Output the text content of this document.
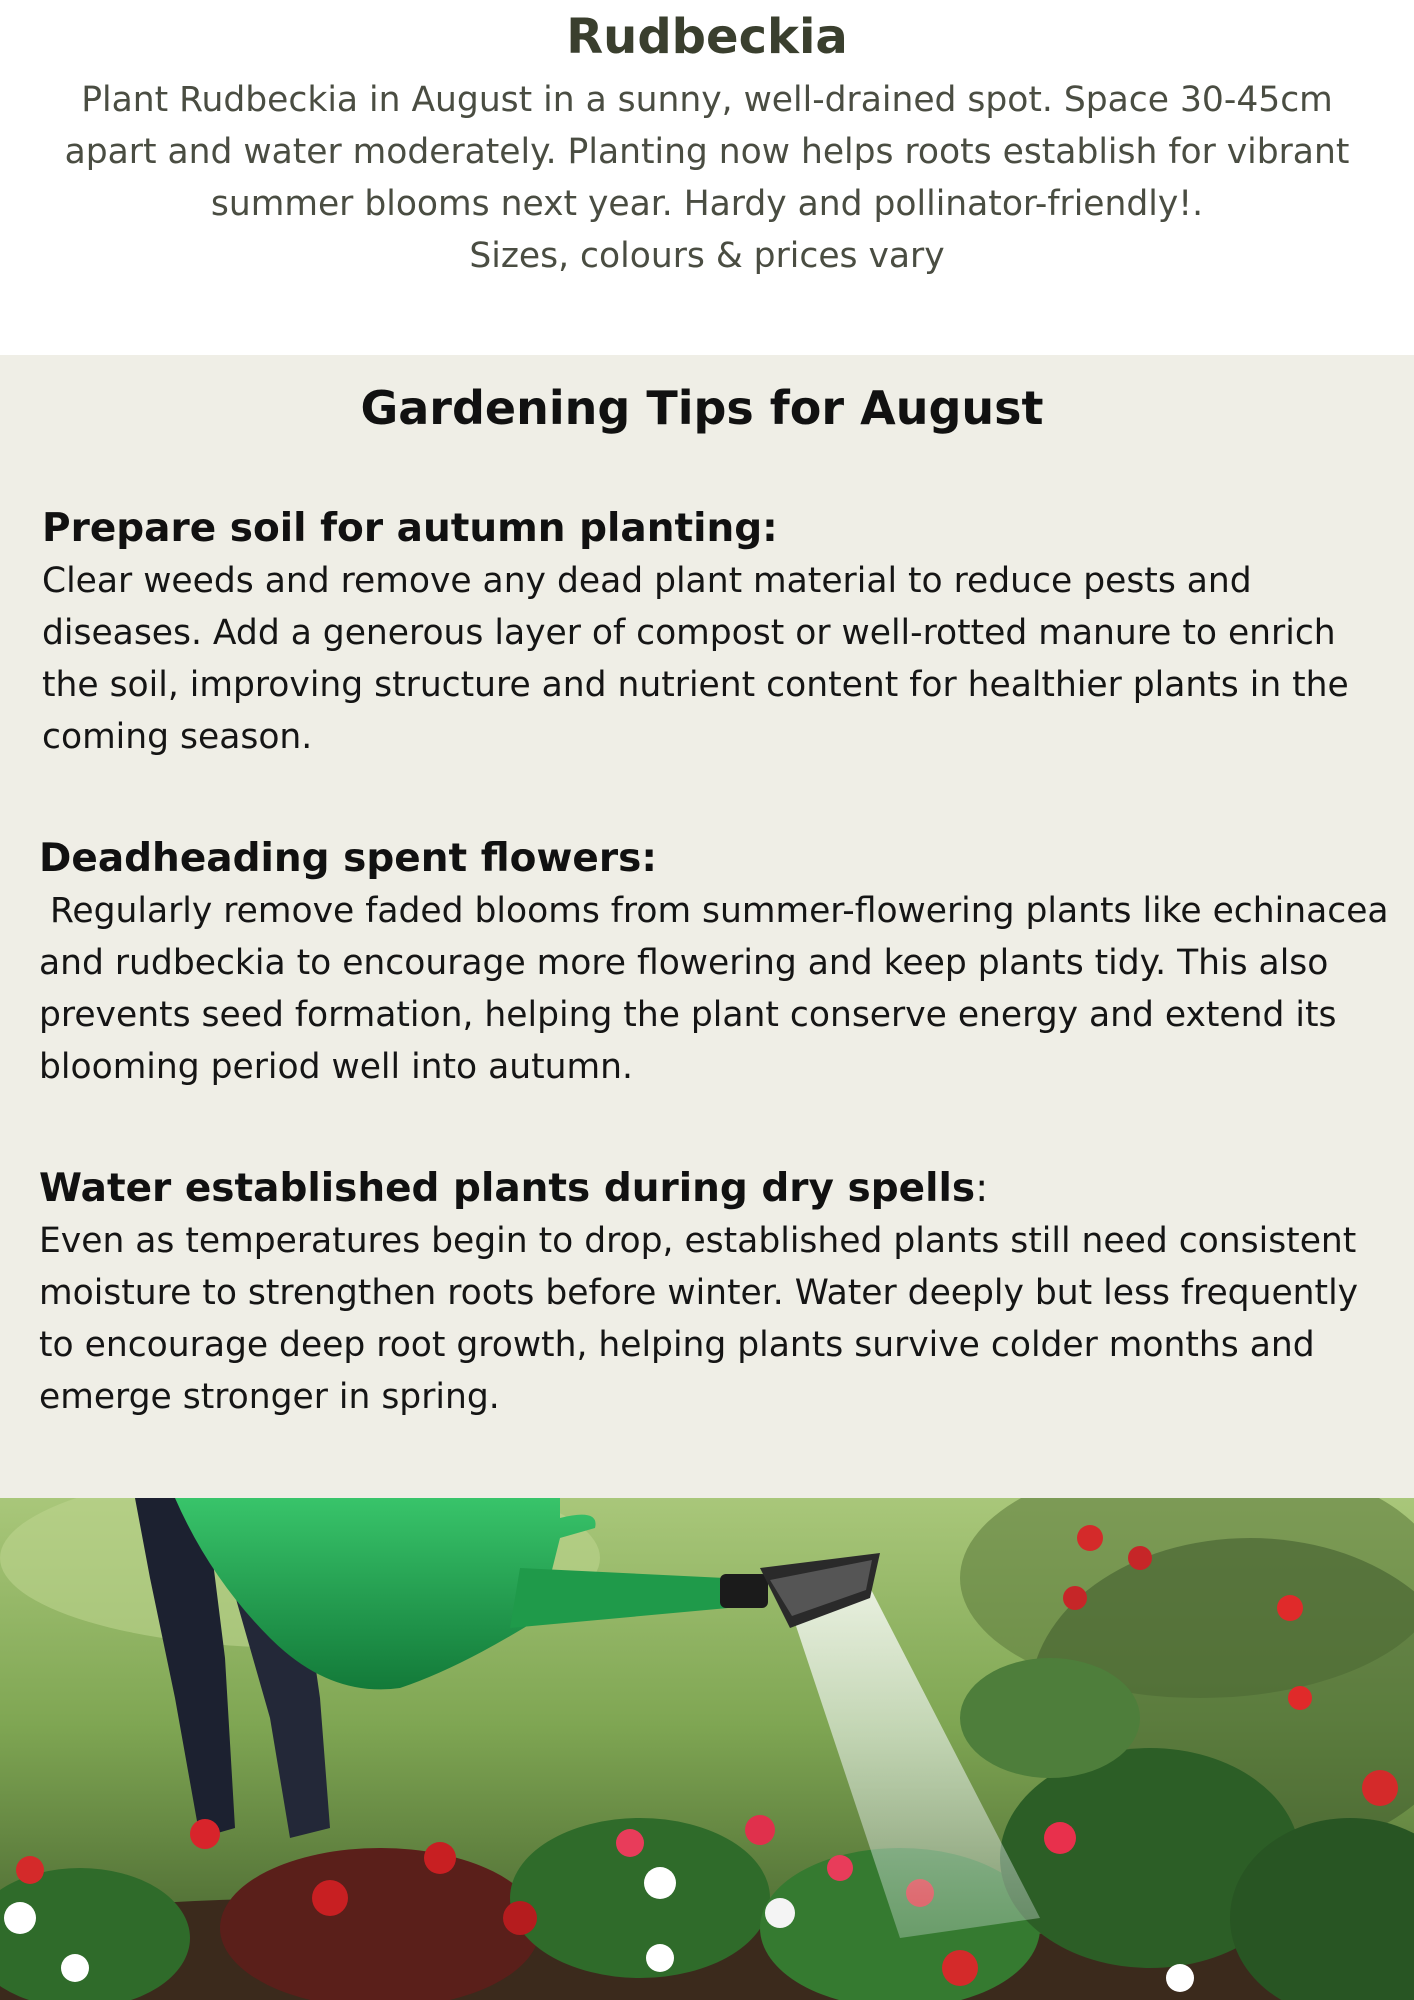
Rudbeckia

Plant Rudbeckia in August in a sunny, well-drained spot. Space 30-45cm apart and water moderately. Planting now helps roots establish for vibrant summer blooms next year. Hardy and pollinator-friendly!.

Sizes, colours & prices vary

Gardening Tips for August
Prepare soil for autumn planting:

Clear weeds and remove any dead plant material to reduce pests and diseases. Add a generous layer of compost or well-rotted manure to enrich the soil, improving structure and nutrient content for healthier plants in the coming season.

Deadheading spent flowers:

Regularly remove faded blooms from summer-flowering plants like echinacea and rudbeckia to encourage more flowering and keep plants tidy. This also prevents seed formation, helping the plant conserve energy and extend its blooming period well into autumn.

Water established plants during dry spells:

Even as temperatures begin to drop, established plants still need consistent moisture to strengthen roots before winter. Water deeply but less frequently to encourage deep root growth, helping plants survive colder months and emerge stronger in spring.
